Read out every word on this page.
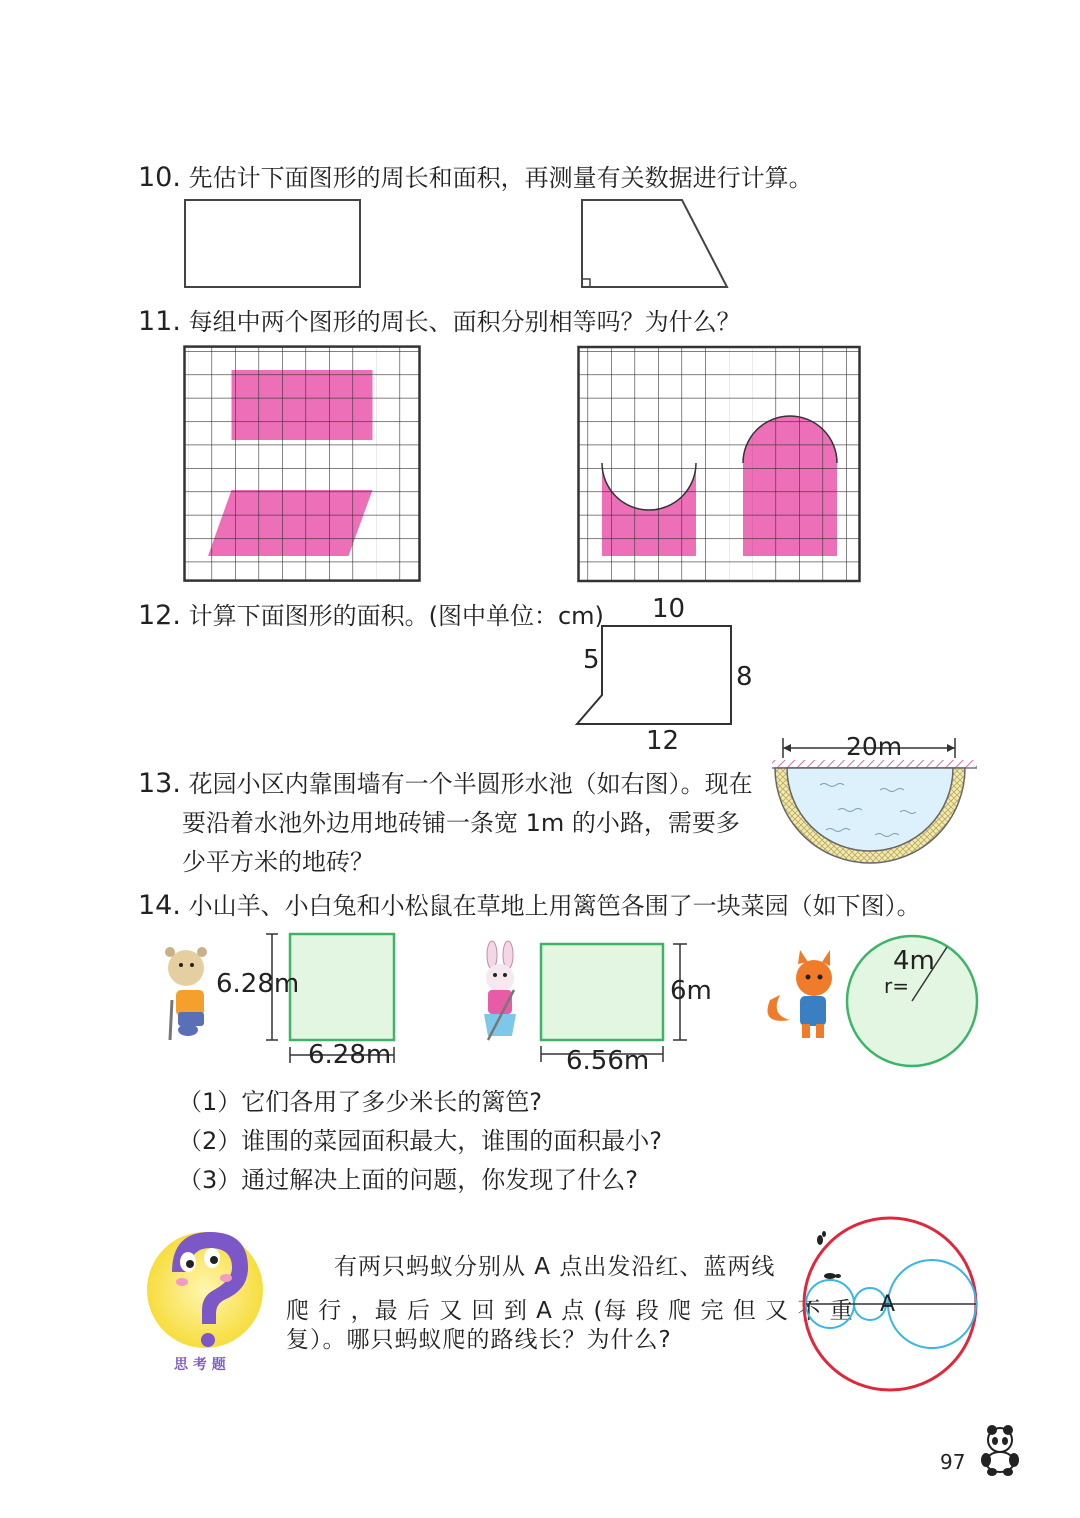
10. 先估计下面图形的周长和面积，再测量有关数据进行计算。
11. 每组中两个图形的周长、面积分别相等吗？为什么？
12. 计算下面图形的面积。(图中单位：cm) 10
5
8
12
13. 花园小区内靠围墙有一个半圆形水池（如右图）。现在
要沿着水池外边用地砖铺一条宽 1m 的小路，需要多
少平方米的地砖？
20m
14. 小山羊、小白兔和小松鼠在草地上用篱笆各围了一块菜园（如下图）。
6.28m
6.28m
6m
6.56m
4m
r=
（1）它们各用了多少米长的篱笆?
（2）谁围的菜园面积最大，谁围的面积最小?
（3）通过解决上面的问题，你发现了什么?
思 考 题
有两只蚂蚁分别从 A 点出发沿红、蓝两线
爬 行 ，最 后 又 回 到 A 点 (每 段 爬 完 但 又 不 重
复）。哪只蚂蚁爬的路线长？为什么?
A
97
